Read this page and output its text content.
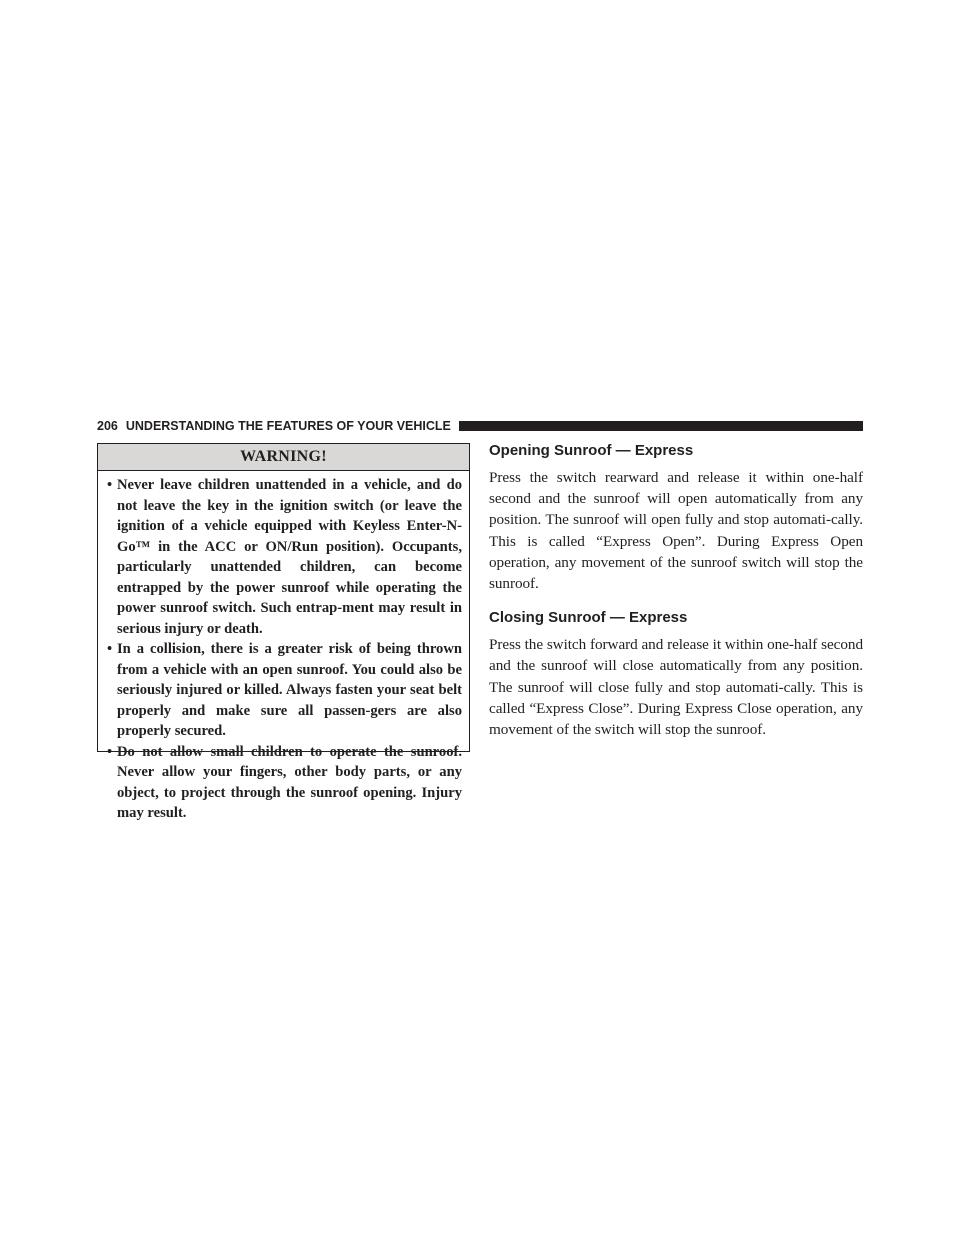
206 UNDERSTANDING THE FEATURES OF YOUR VEHICLE
WARNING!
• Never leave children unattended in a vehicle, and do not leave the key in the ignition switch (or leave the ignition of a vehicle equipped with Keyless Enter-N-Go™ in the ACC or ON/Run position). Occupants, particularly unattended children, can become entrapped by the power sunroof while operating the power sunroof switch. Such entrap-ment may result in serious injury or death.
• In a collision, there is a greater risk of being thrown from a vehicle with an open sunroof. You could also be seriously injured or killed. Always fasten your seat belt properly and make sure all passen-gers are also properly secured.
• Do not allow small children to operate the sunroof. Never allow your fingers, other body parts, or any object, to project through the sunroof opening. Injury may result.
Opening Sunroof — Express

Press the switch rearward and release it within one-half second and the sunroof will open automatically from any position. The sunroof will open fully and stop automati-cally. This is called “Express Open”. During Express Open operation, any movement of the sunroof switch will stop the sunroof.

Closing Sunroof — Express

Press the switch forward and release it within one-half second and the sunroof will close automatically from any position. The sunroof will close fully and stop automati-cally. This is called “Express Close”. During Express Close operation, any movement of the switch will stop the sunroof.
